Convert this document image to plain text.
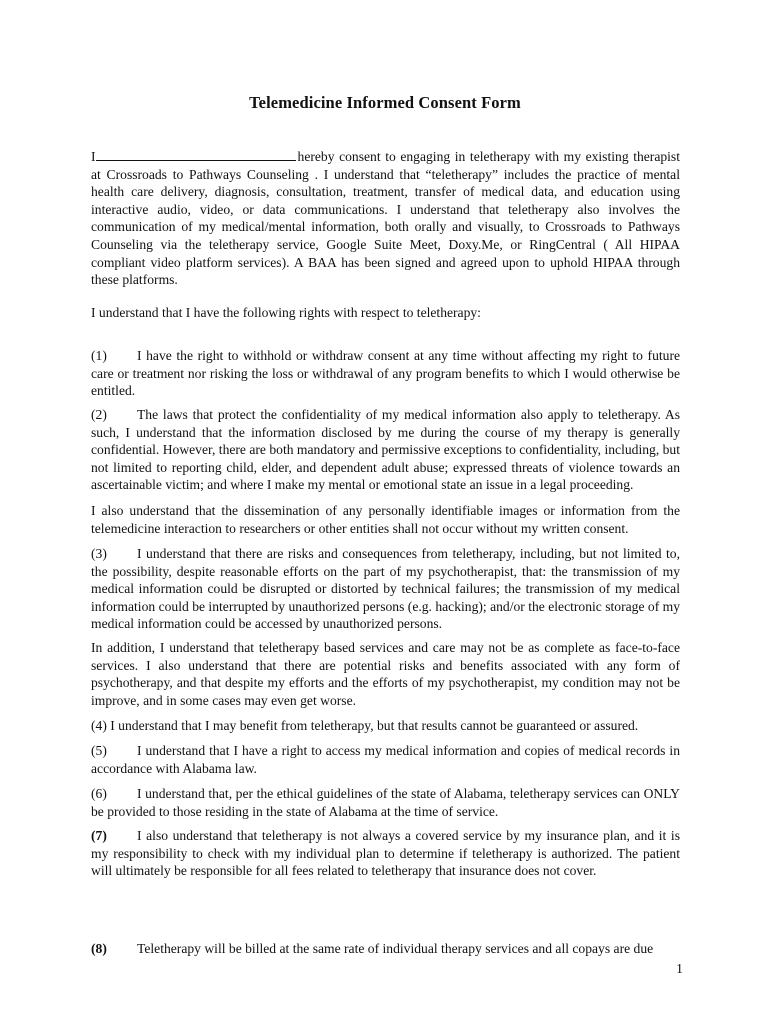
Telemedicine Informed Consent Form
I	hereby consent to engaging in teletherapy with my existing therapist at Crossroads to Pathways Counseling . I understand that “teletherapy” includes the practice of mental health care delivery, diagnosis, consultation, treatment, transfer of medical data, and education using interactive audio, video, or data communications. I understand that teletherapy also involves the communication of my medical/mental information, both orally and visually, to Crossroads to Pathways Counseling via the teletherapy service, Google Suite Meet, Doxy.Me, or RingCentral ( All HIPAA compliant video platform services). A BAA has been signed and agreed upon to uphold HIPAA through these platforms.
I understand that I have the following rights with respect to teletherapy:
(1) I have the right to withhold or withdraw consent at any time without affecting my right to future care or treatment nor risking the loss or withdrawal of any program benefits to which I would otherwise be entitled.
(2) The laws that protect the confidentiality of my medical information also apply to teletherapy. As such, I understand that the information disclosed by me during the course of my therapy is generally confidential. However, there are both mandatory and permissive exceptions to confidentiality, including, but not limited to reporting child, elder, and dependent adult abuse; expressed threats of violence towards an ascertainable victim; and where I make my mental or emotional state an issue in a legal proceeding.
I also understand that the dissemination of any personally identifiable images or information from the telemedicine interaction to researchers or other entities shall not occur without my written consent.
(3) I understand that there are risks and consequences from teletherapy, including, but not limited to, the possibility, despite reasonable efforts on the part of my psychotherapist, that: the transmission of my medical information could be disrupted or distorted by technical failures; the transmission of my medical information could be interrupted by unauthorized persons (e.g. hacking); and/or the electronic storage of my medical information could be accessed by unauthorized persons.
In addition, I understand that teletherapy based services and care may not be as complete as face-to-face services. I also understand that there are potential risks and benefits associated with any form of psychotherapy, and that despite my efforts and the efforts of my psychotherapist, my condition may not be improve, and in some cases may even get worse.
(4) I understand that I may benefit from teletherapy, but that results cannot be guaranteed or assured.
(5) I understand that I have a right to access my medical information and copies of medical records in accordance with Alabama law.
(6) I understand that, per the ethical guidelines of the state of Alabama, teletherapy services can ONLY be provided to those residing in the state of Alabama at the time of service.
(7) I also understand that teletherapy is not always a covered service by my insurance plan, and it is my responsibility to check with my individual plan to determine if teletherapy is authorized. The patient will ultimately be responsible for all fees related to teletherapy that insurance does not cover.
(8) Teletherapy will be billed at the same rate of individual therapy services and all copays are due
1
